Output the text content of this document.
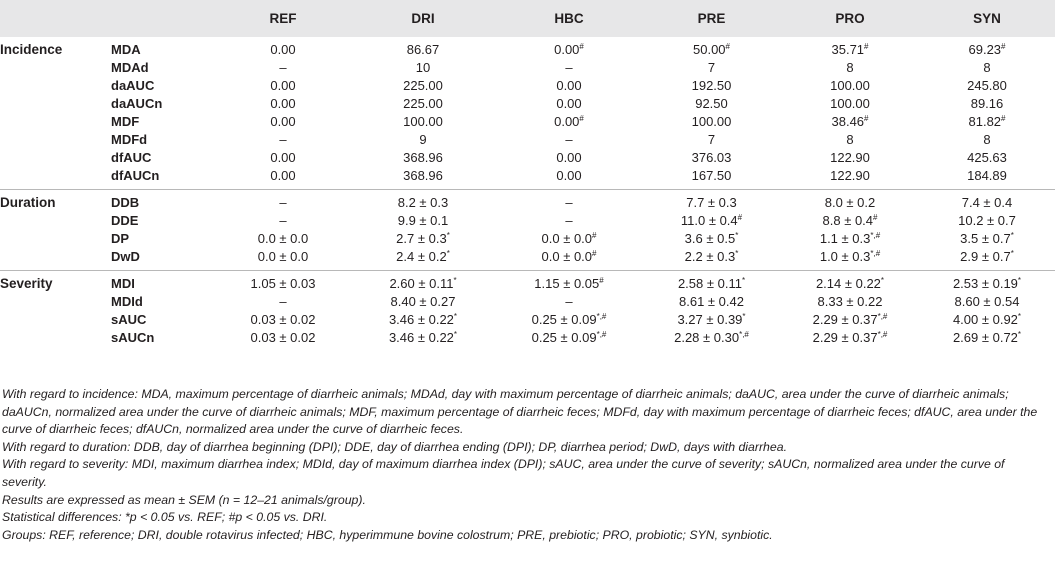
		REF	DRI	HBC	PRE	PRO	SYN
Incidence	MDA	0.00	86.67	0.00#	50.00#	35.71#	69.23#
	MDAd	–	10	–	7	8	8
	daAUC	0.00	225.00	0.00	192.50	100.00	245.80
	daAUCn	0.00	225.00	0.00	92.50	100.00	89.16
	MDF	0.00	100.00	0.00#	100.00	38.46#	81.82#
	MDFd	–	9	–	7	8	8
	dfAUC	0.00	368.96	0.00	376.03	122.90	425.63
	dfAUCn	0.00	368.96	0.00	167.50	122.90	184.89
Duration	DDB	–	8.2 ± 0.3	–	7.7 ± 0.3	8.0 ± 0.2	7.4 ± 0.4
	DDE	–	9.9 ± 0.1	–	11.0 ± 0.4#	8.8 ± 0.4#	10.2 ± 0.7
	DP	0.0 ± 0.0	2.7 ± 0.3*	0.0 ± 0.0#	3.6 ± 0.5*	1.1 ± 0.3*,#	3.5 ± 0.7*
	DwD	0.0 ± 0.0	2.4 ± 0.2*	0.0 ± 0.0#	2.2 ± 0.3*	1.0 ± 0.3*,#	2.9 ± 0.7*
Severity	MDI	1.05 ± 0.03	2.60 ± 0.11*	1.15 ± 0.05#	2.58 ± 0.11*	2.14 ± 0.22*	2.53 ± 0.19*
	MDId	–	8.40 ± 0.27	–	8.61 ± 0.42	8.33 ± 0.22	8.60 ± 0.54
	sAUC	0.03 ± 0.02	3.46 ± 0.22*	0.25 ± 0.09*,#	3.27 ± 0.39*	2.29 ± 0.37*,#	4.00 ± 0.92*
	sAUCn	0.03 ± 0.02	3.46 ± 0.22*	0.25 ± 0.09*,#	2.28 ± 0.30*,#	2.29 ± 0.37*,#	2.69 ± 0.72*

With regard to incidence: MDA, maximum percentage of diarrheic animals; MDAd, day with maximum percentage of diarrheic animals; daAUC, area under the curve of diarrheic animals; daAUCn, normalized area under the curve of diarrheic animals; MDF, maximum percentage of diarrheic feces; MDFd, day with maximum percentage of diarrheic feces; dfAUC, area under the curve of diarrheic feces; dfAUCn, normalized area under the curve of diarrheic feces.

With regard to duration: DDB, day of diarrhea beginning (DPI); DDE, day of diarrhea ending (DPI); DP, diarrhea period; DwD, days with diarrhea.

With regard to severity: MDI, maximum diarrhea index; MDId, day of maximum diarrhea index (DPI); sAUC, area under the curve of severity; sAUCn, normalized area under the curve of severity.

Results are expressed as mean ± SEM (n = 12–21 animals/group).

Statistical differences: *p < 0.05 vs. REF; #p < 0.05 vs. DRI.

Groups: REF, reference; DRI, double rotavirus infected; HBC, hyperimmune bovine colostrum; PRE, prebiotic; PRO, probiotic; SYN, synbiotic.
